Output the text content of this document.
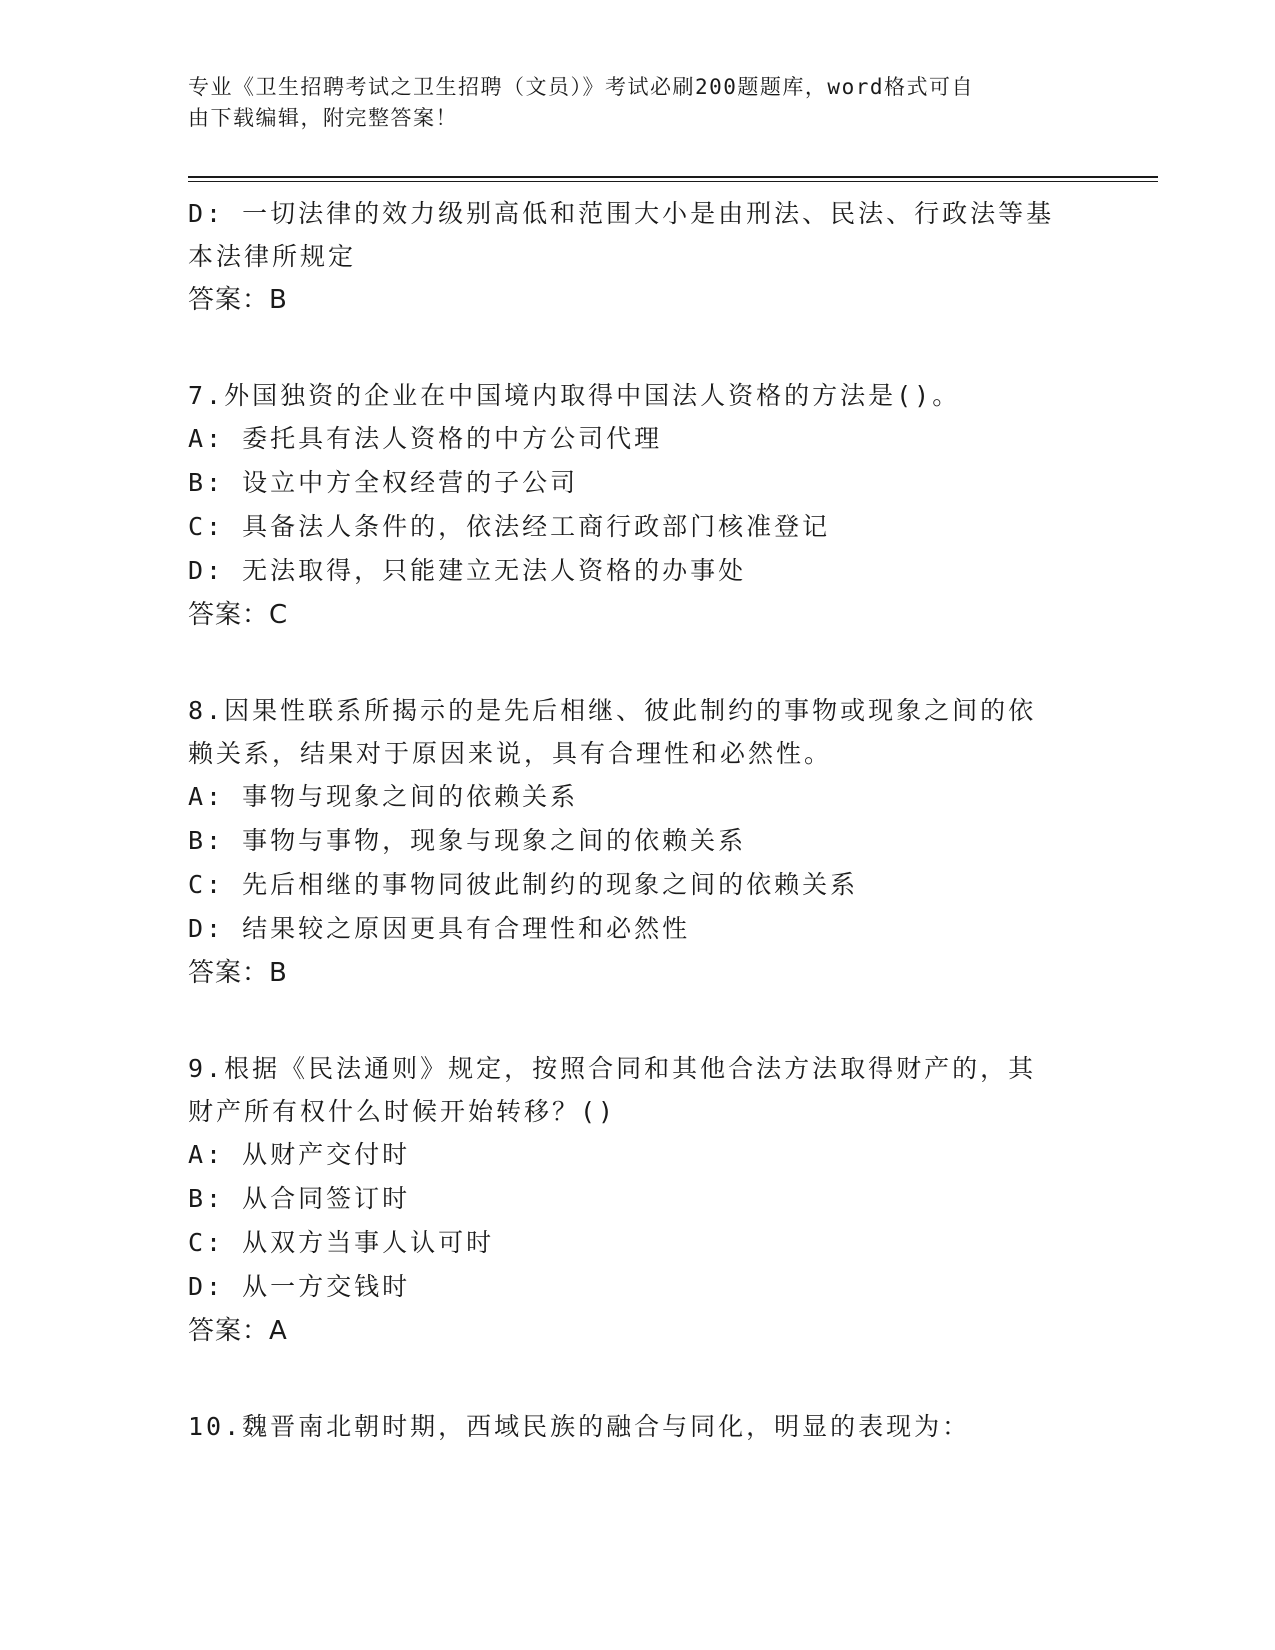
专业《卫生招聘考试之卫生招聘（文员）》考试必刷200题题库，word格式可自
由下载编辑，附完整答案！
D: 一切法律的效力级别高低和范围大小是由刑法、民法、行政法等基
本法律所规定
答案：B
7.外国独资的企业在中国境内取得中国法人资格的方法是()。
A: 委托具有法人资格的中方公司代理
B: 设立中方全权经营的子公司
C: 具备法人条件的，依法经工商行政部门核准登记
D: 无法取得，只能建立无法人资格的办事处
答案：C
8.因果性联系所揭示的是先后相继、彼此制约的事物或现象之间的依
赖关系，结果对于原因来说，具有合理性和必然性。
A: 事物与现象之间的依赖关系
B: 事物与事物，现象与现象之间的依赖关系
C: 先后相继的事物同彼此制约的现象之间的依赖关系
D: 结果较之原因更具有合理性和必然性
答案：B
9.根据《民法通则》规定，按照合同和其他合法方法取得财产的，其
财产所有权什么时候开始转移？()
A: 从财产交付时
B: 从合同签订时
C: 从双方当事人认可时
D: 从一方交钱时
答案：A
10.魏晋南北朝时期，西域民族的融合与同化，明显的表现为：
